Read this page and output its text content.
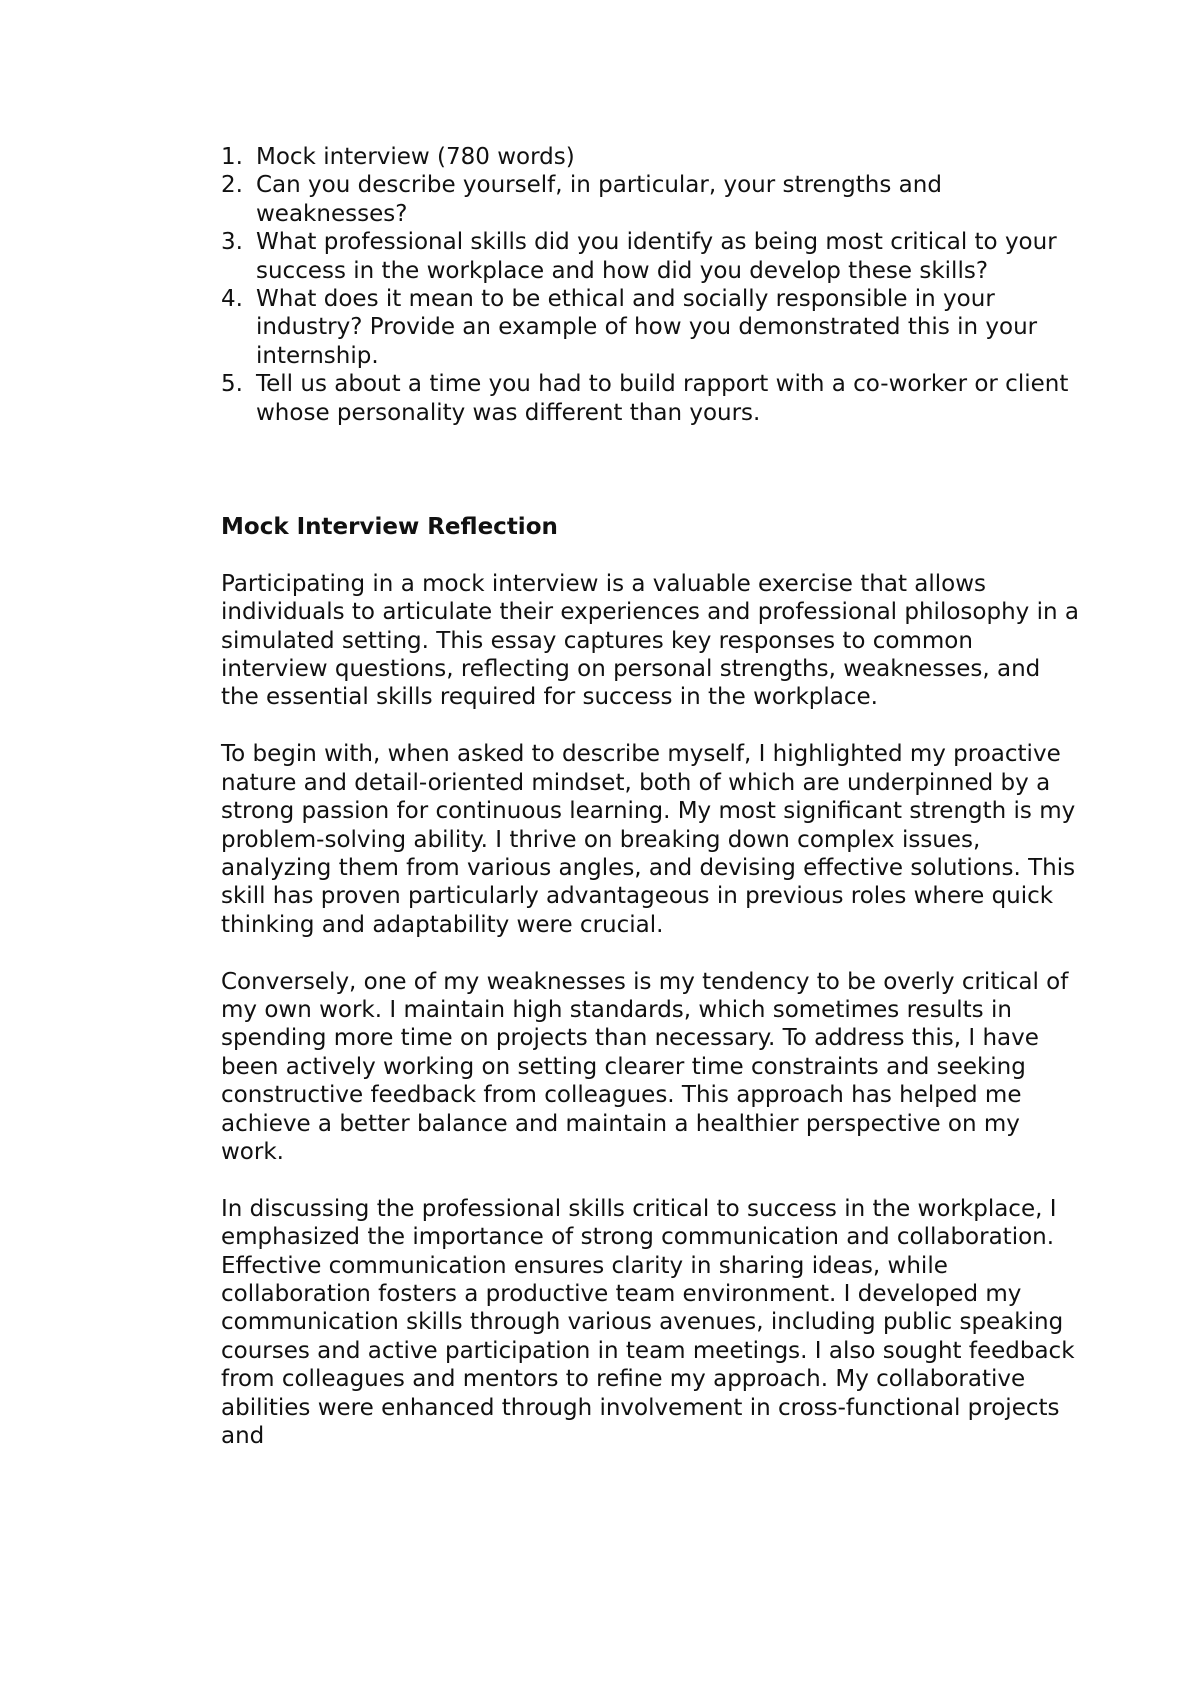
1. Mock interview (780 words)
2. Can you describe yourself, in particular, your strengths and weaknesses?
3. What professional skills did you identify as being most critical to your success in the workplace and how did you develop these skills?
4. What does it mean to be ethical and socially responsible in your industry? Provide an example of how you demonstrated this in your internship.
5. Tell us about a time you had to build rapport with a co-worker or client whose personality was different than yours.
Mock Interview Reflection

Participating in a mock interview is a valuable exercise that allows individuals to articulate their experiences and professional philosophy in a simulated setting. This essay captures key responses to common interview questions, reflecting on personal strengths, weaknesses, and the essential skills required for success in the workplace.

To begin with, when asked to describe myself, I highlighted my proactive nature and detail-oriented mindset, both of which are underpinned by a strong passion for continuous learning. My most significant strength is my problem-solving ability. I thrive on breaking down complex issues, analyzing them from various angles, and devising effective solutions. This skill has proven particularly advantageous in previous roles where quick thinking and adaptability were crucial.

Conversely, one of my weaknesses is my tendency to be overly critical of my own work. I maintain high standards, which sometimes results in spending more time on projects than necessary. To address this, I have been actively working on setting clearer time constraints and seeking constructive feedback from colleagues. This approach has helped me achieve a better balance and maintain a healthier perspective on my work.

In discussing the professional skills critical to success in the workplace, I emphasized the importance of strong communication and collaboration. Effective communication ensures clarity in sharing ideas, while collaboration fosters a productive team environment. I developed my communication skills through various avenues, including public speaking courses and active participation in team meetings. I also sought feedback from colleagues and mentors to refine my approach. My collaborative abilities were enhanced through involvement in cross-functional projects and
